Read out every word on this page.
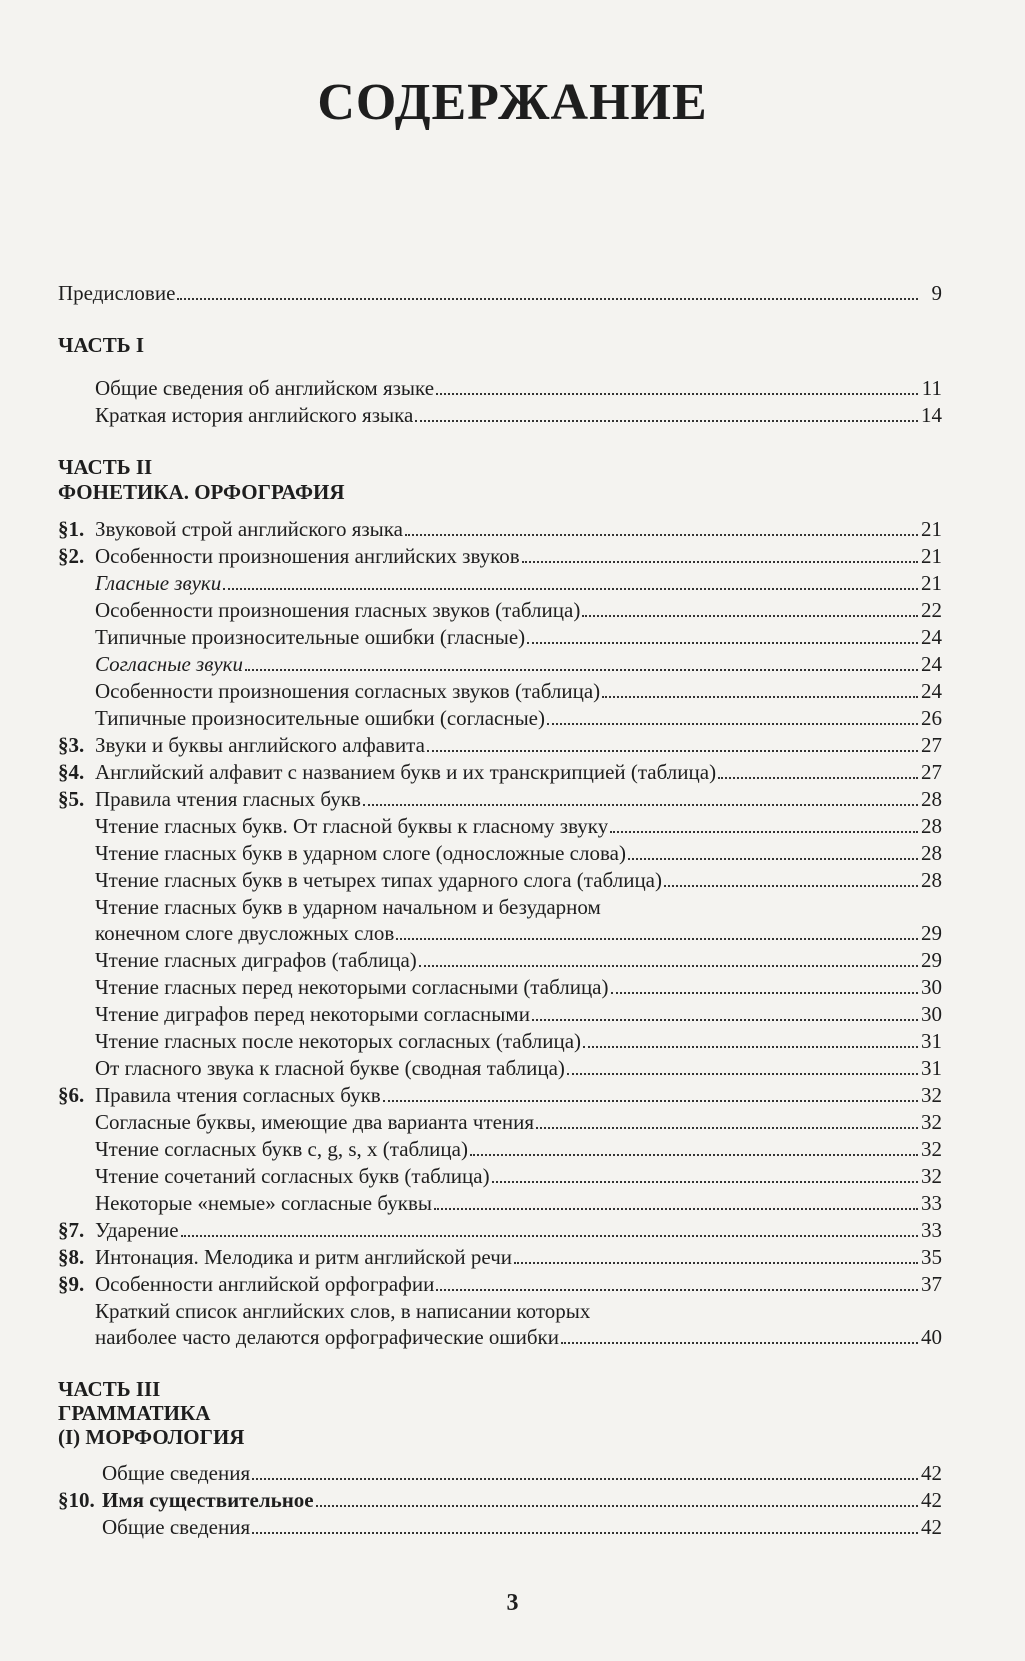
СОДЕРЖАНИЕ
Предисловие	9
ЧАСТЬ I
Общие сведения об английском языке	11
Краткая история английского языка	14
ЧАСТЬ II
ФОНЕТИКА. ОРФОГРАФИЯ
§1. Звуковой строй английского языка	21
§2. Особенности произношения английских звуков	21
Гласные звуки	21
Особенности произношения гласных звуков (таблица)	22
Типичные произносительные ошибки (гласные)	24
Согласные звуки	24
Особенности произношения согласных звуков (таблица)	24
Типичные произносительные ошибки (согласные)	26
§3. Звуки и буквы английского алфавита	27
§4. Английский алфавит с названием букв и их транскрипцией (таблица)	27
§5. Правила чтения гласных букв	28
Чтение гласных букв. От гласной буквы к гласному звуку	28
Чтение гласных букв в ударном слоге (односложные слова)	28
Чтение гласных букв в четырех типах ударного слога (таблица)	28
Чтение гласных букв в ударном начальном и безударном
конечном слоге двусложных слов	29
Чтение гласных диграфов (таблица)	29
Чтение гласных перед некоторыми согласными (таблица)	30
Чтение диграфов перед некоторыми согласными	30
Чтение гласных после некоторых согласных (таблица)	31
От гласного звука к гласной букве (сводная таблица)	31
§6. Правила чтения согласных букв	32
Согласные буквы, имеющие два варианта чтения	32
Чтение согласных букв c, g, s, x (таблица)	32
Чтение сочетаний согласных букв (таблица)	32
Некоторые «немые» согласные буквы	33
§7. Ударение	33
§8. Интонация. Мелодика и ритм английской речи	35
§9. Особенности английской орфографии	37
Краткий список английских слов, в написании которых
наиболее часто делаются орфографические ошибки	40
ЧАСТЬ III
ГРАММАТИКА
(I) МОРФОЛОГИЯ
Общие сведения	42
§10. Имя существительное	42
Общие сведения	42
3
